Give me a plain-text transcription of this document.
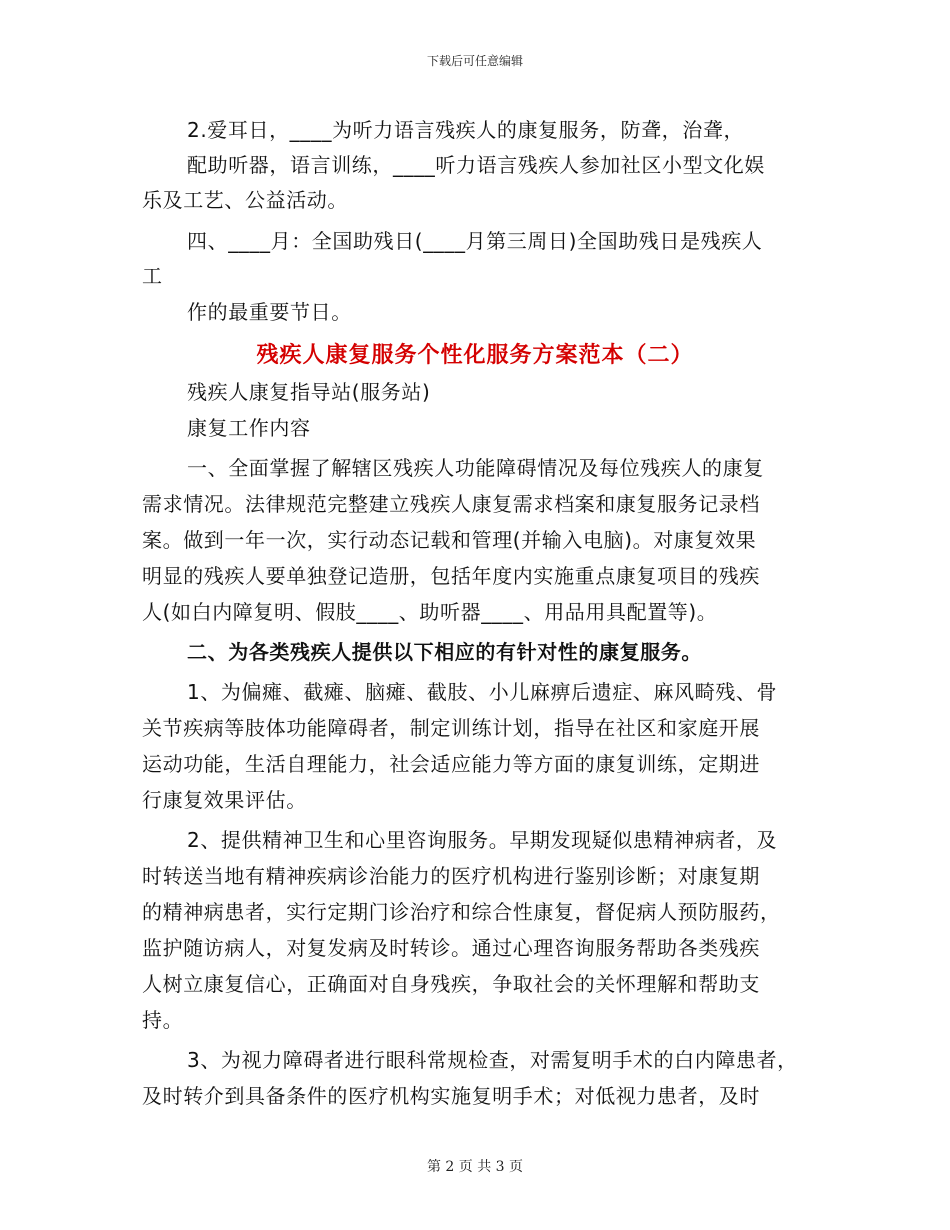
下载后可任意编辑
2.爱耳日，____为听力语言残疾人的康复服务，防聋，治聋，
配助听器，语言训练，____听力语言残疾人参加社区小型文化娱
乐及工艺、公益活动。
四、____月：全国助残日(____月第三周日)全国助残日是残疾人
工
作的最重要节日。
残疾人康复服务个性化服务方案范本（二）
残疾人康复指导站(服务站)
康复工作内容
一、全面掌握了解辖区残疾人功能障碍情况及每位残疾人的康复
需求情况。法律规范完整建立残疾人康复需求档案和康复服务记录档
案。做到一年一次，实行动态记载和管理(并输入电脑)。对康复效果
明显的残疾人要单独登记造册，包括年度内实施重点康复项目的残疾
人(如白内障复明、假肢____、助听器____、用品用具配置等)。
二、为各类残疾人提供以下相应的有针对性的康复服务。
1、为偏瘫、截瘫、脑瘫、截肢、小儿麻痹后遗症、麻风畸残、骨
关节疾病等肢体功能障碍者，制定训练计划，指导在社区和家庭开展
运动功能，生活自理能力，社会适应能力等方面的康复训练，定期进
行康复效果评估。
2、提供精神卫生和心里咨询服务。早期发现疑似患精神病者，及
时转送当地有精神疾病诊治能力的医疗机构进行鉴别诊断；对康复期
的精神病患者，实行定期门诊治疗和综合性康复，督促病人预防服药，
监护随访病人，对复发病及时转诊。通过心理咨询服务帮助各类残疾
人树立康复信心，正确面对自身残疾，争取社会的关怀理解和帮助支
持。
3、为视力障碍者进行眼科常规检查，对需复明手术的白内障患者，
及时转介到具备条件的医疗机构实施复明手术；对低视力患者，及时
第 2 页 共 3 页
